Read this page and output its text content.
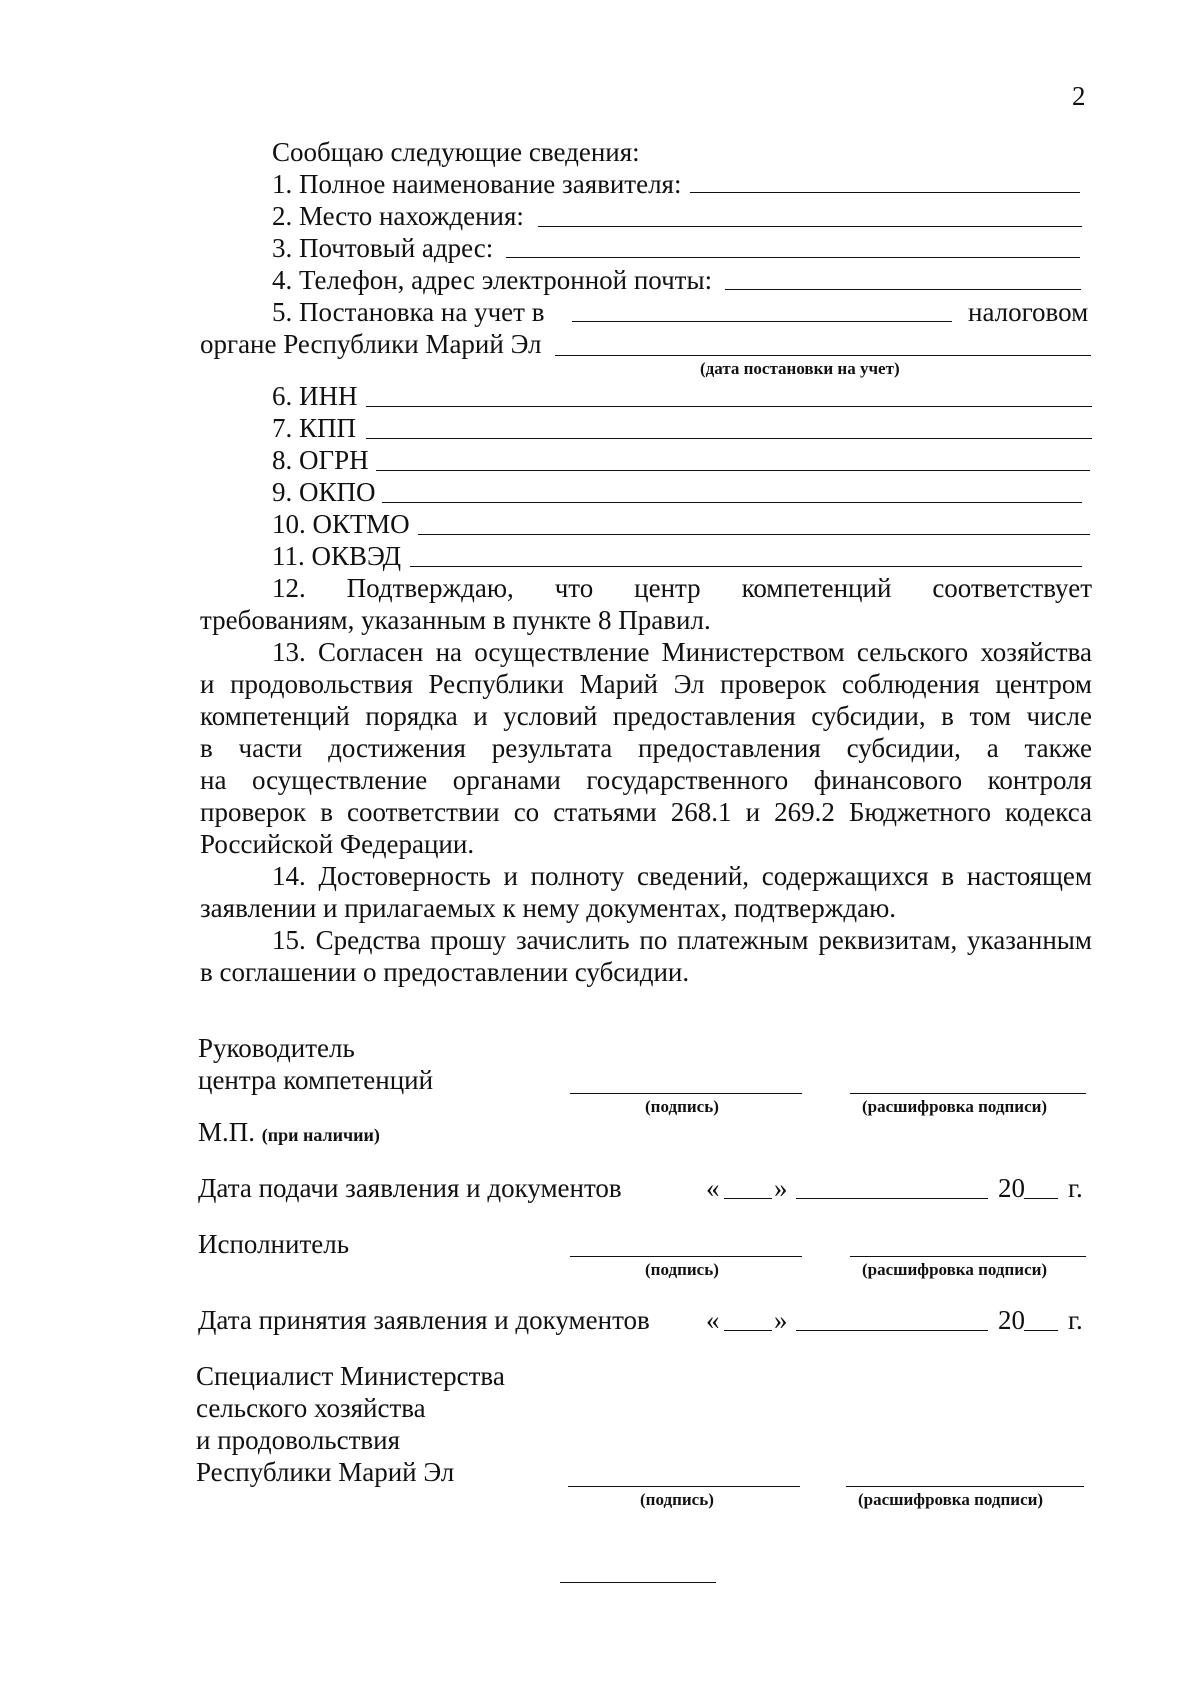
2
Сообщаю следующие сведения:
1. Полное наименование заявителя:
2. Место нахождения:
3. Почтовый адрес:
4. Телефон, адрес электронной почты:
5. Постановка на учет в	налоговом
органе Республики Марий Эл
(дата постановки на учет)
6. ИНН
7. КПП
8. ОГРН
9. ОКПО
10. ОКТМО
11. ОКВЭД
12. Подтверждаю, что центр компетенций соответствует
требованиям, указанным в пункте 8 Правил.
13. Согласен на осуществление Министерством сельского хозяйства
и продовольствия Республики Марий Эл проверок соблюдения центром
компетенций порядка и условий предоставления субсидии, в том числе
в части достижения результата предоставления субсидии, а также
на осуществление органами государственного финансового контроля
проверок в соответствии со статьями 268.1 и 269.2 Бюджетного кодекса
Российской Федерации.
14. Достоверность и полноту сведений, содержащихся в настоящем
заявлении и прилагаемых к нему документах, подтверждаю.
15. Средства прошу зачислить по платежным реквизитам, указанным
в соглашении о предоставлении субсидии.
Руководитель
центра компетенций
(подпись)	(расшифровка подписи)
М.П. (при наличии)
Дата подачи заявления и документов	« »	20 г.
Исполнитель
(подпись)	(расшифровка подписи)
Дата принятия заявления и документов « »	20 г.
Специалист Министерства
сельского хозяйства
и продовольствия
Республики Марий Эл
(подпись)	(расшифровка подписи)
